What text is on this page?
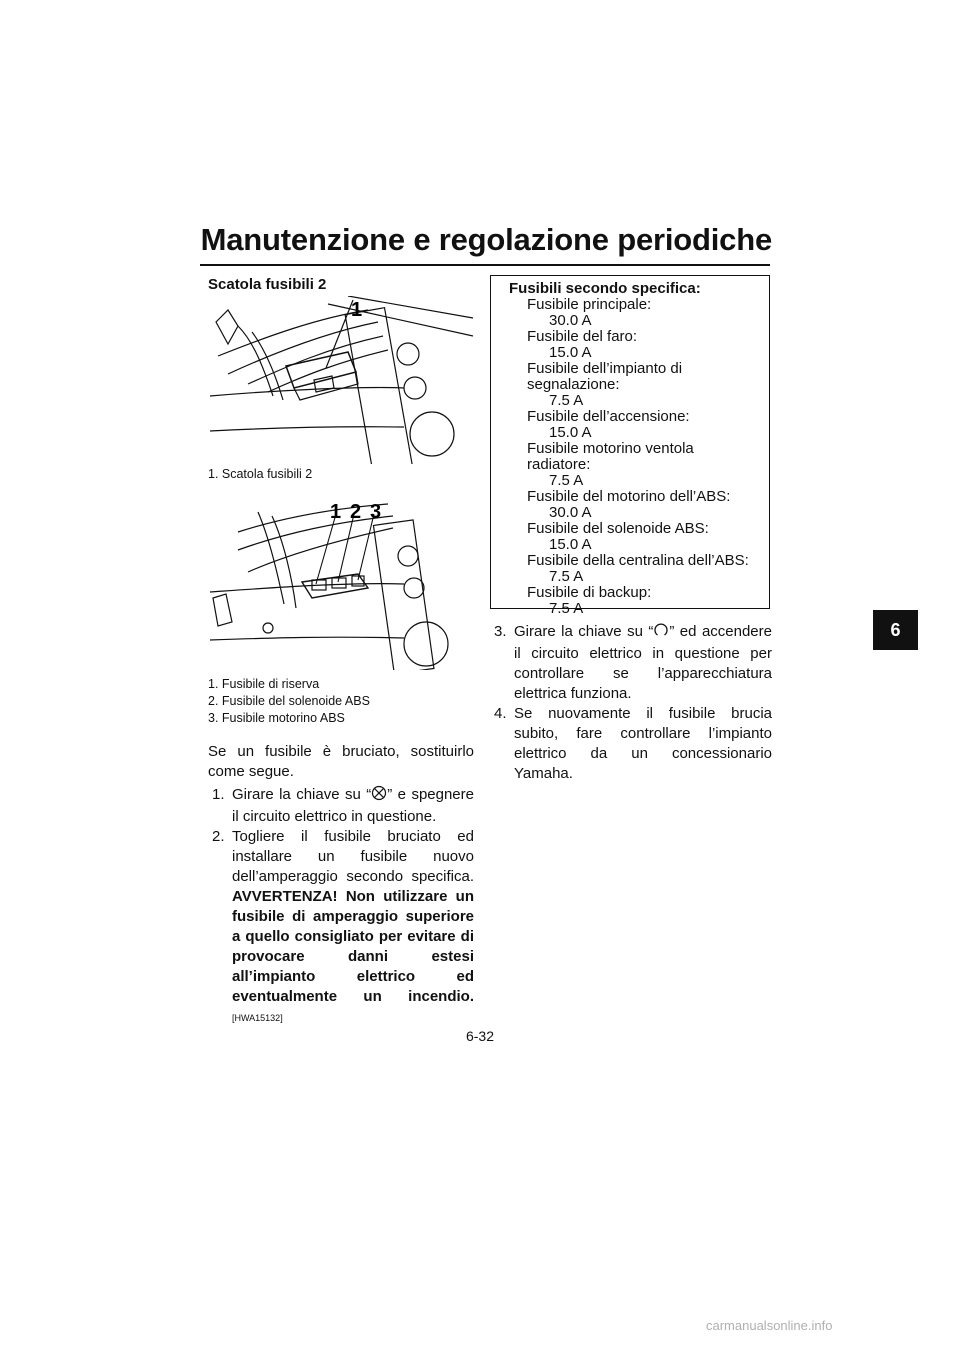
Manutenzione e regolazione periodiche
6
Scatola fusibili 2
1
1. Scatola fusibili 2
1 2 3
1. Fusibile di riserva
2. Fusibile del solenoide ABS
3. Fusibile motorino ABS
Se un fusibile è bruciato, sostituirlo come segue.

1. Girare la chiave su “ ” e spegnere il circuito elettrico in questione.

2. Togliere il fusibile bruciato ed installare un fusibile nuovo dell’amperaggio secondo specifica. AVVERTENZA! Non utilizzare un fusibile di amperaggio superiore a quello consigliato per evitare di provocare danni estesi all’impianto elettrico ed eventualmente un incendio. [HWA15132]

Fusibili secondo specifica:
Fusibile principale:
30.0 A
Fusibile del faro:
15.0 A
Fusibile dell’impianto di segnalazione:
7.5 A
Fusibile dell’accensione:
15.0 A
Fusibile motorino ventola radiatore:
7.5 A
Fusibile del motorino dell’ABS:
30.0 A
Fusibile del solenoide ABS:
15.0 A
Fusibile della centralina dell’ABS:
7.5 A
Fusibile di backup:
7.5 A

3. Girare la chiave su “ ” ed accendere il circuito elettrico in questione per controllare se l’apparecchiatura elettrica funziona.

4. Se nuovamente il fusibile brucia subito, fare controllare l’impianto elettrico da un concessionario Yamaha.

6-32
carmanualsonline.info
